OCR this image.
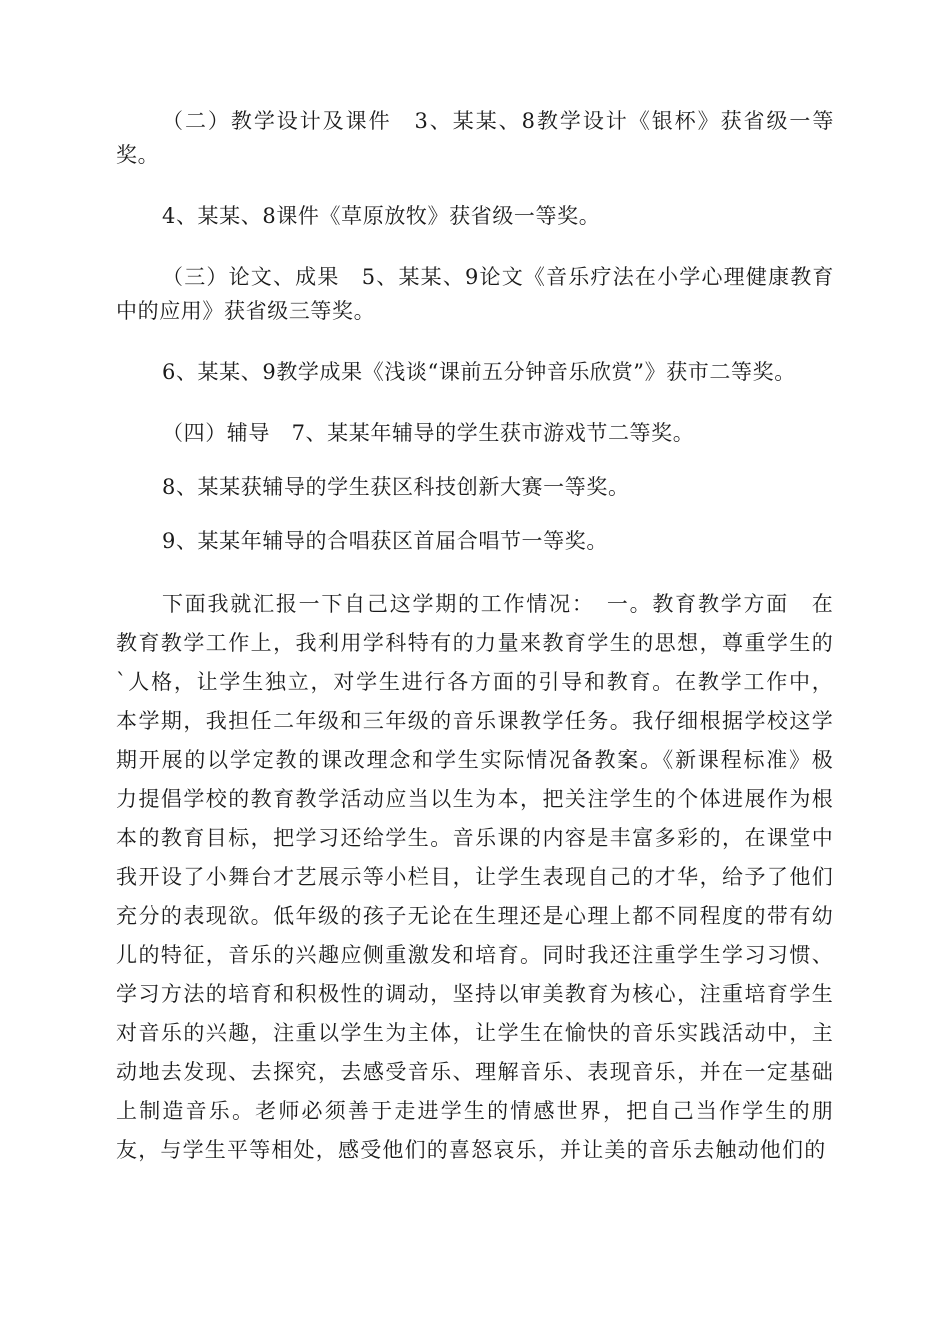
（二）教学设计及课件　3、某某、8教学设计《银杯》获省级一等奖。

4、某某、8课件《草原放牧》获省级一等奖。

（三）论文、成果　5、某某、9论文《音乐疗法在小学心理健康教育中的应用》获省级三等奖。

6、某某、9教学成果《浅谈“课前五分钟音乐欣赏”》获市二等奖。

（四）辅导　7、某某年辅导的学生获市游戏节二等奖。

8、某某获辅导的学生获区科技创新大赛一等奖。

9、某某年辅导的合唱获区首届合唱节一等奖。

下面我就汇报一下自己这学期的工作情况：　一。教育教学方面　在教育教学工作上，我利用学科特有的力量来教育学生的思想，尊重学生的`人格，让学生独立，对学生进行各方面的引导和教育。在教学工作中，本学期，我担任二年级和三年级的音乐课教学任务。我仔细根据学校这学期开展的以学定教的课改理念和学生实际情况备教案。《新课程标准》极力提倡学校的教育教学活动应当以生为本，把关注学生的个体进展作为根本的教育目标，把学习还给学生。音乐课的内容是丰富多彩的，在课堂中我开设了小舞台才艺展示等小栏目，让学生表现自己的才华，给予了他们充分的表现欲。低年级的孩子无论在生理还是心理上都不同程度的带有幼儿的特征，音乐的兴趣应侧重激发和培育。同时我还注重学生学习习惯、学习方法的培育和积极性的调动，坚持以审美教育为核心，注重培育学生对音乐的兴趣，注重以学生为主体，让学生在愉快的音乐实践活动中，主动地去发现、去探究，去感受音乐、理解音乐、表现音乐，并在一定基础上制造音乐。老师必须善于走进学生的情感世界，把自己当作学生的朋友，与学生平等相处，感受他们的喜怒哀乐，并让美的音乐去触动他们的
